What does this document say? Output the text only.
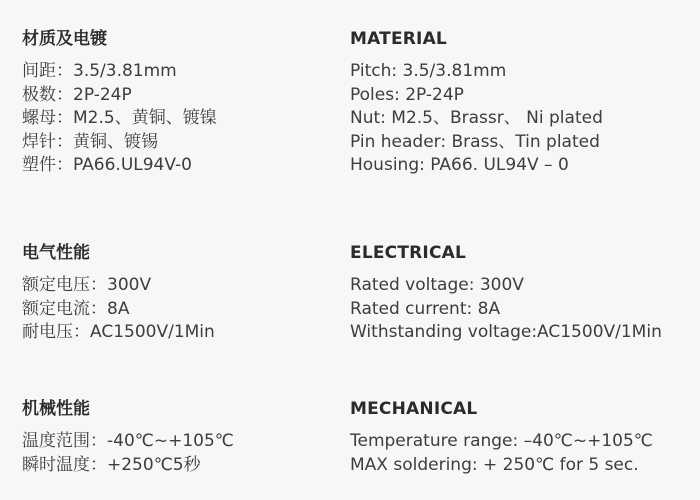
材质及电镀
间距：3.5/3.81mm
极数：2P-24P
螺母：M2.5、黄铜、镀镍
焊针：黄铜、镀锡
塑件：PA66.UL94V-0
电气性能
额定电压：300V
额定电流：8A
耐电压：AC1500V/1Min
机械性能
温度范围：-40℃~+105℃
瞬时温度：+250℃5秒
MATERIAL
Pitch: 3.5/3.81mm
Poles: 2P-24P
Nut: M2.5、Brassr、 Ni plated
Pin header: Brass、Tin plated
Housing: PA66. UL94V – 0
ELECTRICAL
Rated voltage: 300V
Rated current: 8A
Withstanding voltage:AC1500V/1Min
MECHANICAL
Temperature range: –40℃~+105℃
MAX soldering: + 250℃ for 5 sec.
